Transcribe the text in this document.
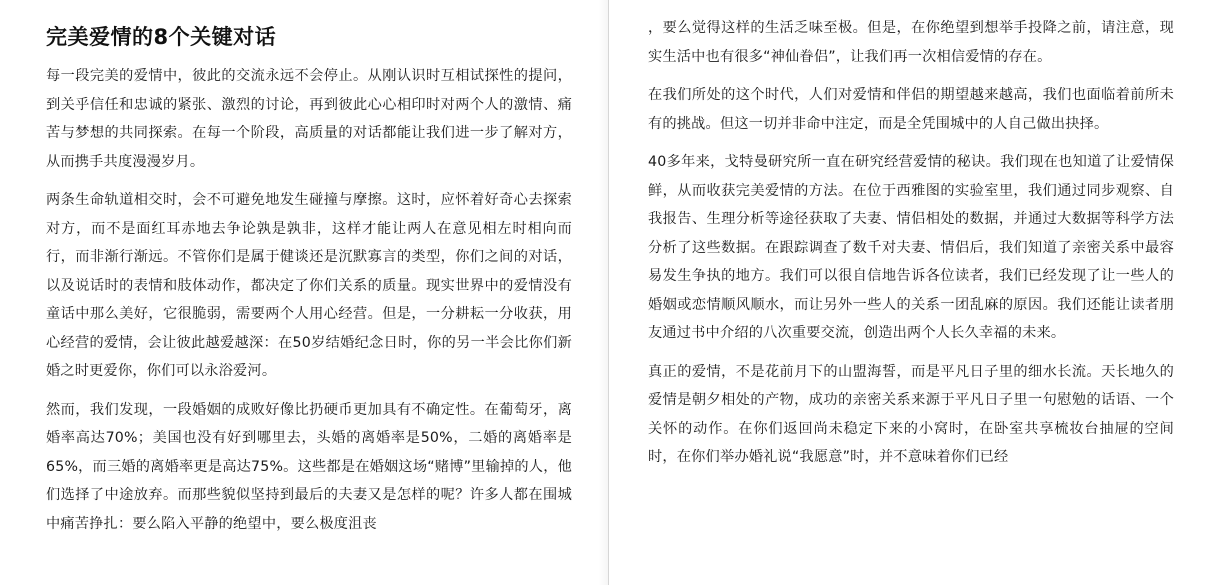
完美爱情的8个关键对话

每一段完美的爱情中，彼此的交流永远不会停止。从刚认识时互相试探性的提问，到关乎信任和忠诚的紧张、激烈的讨论，再到彼此心心相印时对两个人的激情、痛苦与梦想的共同探索。在每一个阶段，高质量的对话都能让我们进一步了解对方，从而携手共度漫漫岁月。

两条生命轨道相交时，会不可避免地发生碰撞与摩擦。这时，应怀着好奇心去探索对方，而不是面红耳赤地去争论孰是孰非，这样才能让两人在意见相左时相向而行，而非渐行渐远。不管你们是属于健谈还是沉默寡言的类型，你们之间的对话，以及说话时的表情和肢体动作，都决定了你们关系的质量。现实世界中的爱情没有童话中那么美好，它很脆弱，需要两个人用心经营。但是，一分耕耘一分收获，用心经营的爱情，会让彼此越爱越深：在50岁结婚纪念日时，你的另一半会比你们新婚之时更爱你，你们可以永浴爱河。

然而，我们发现，一段婚姻的成败好像比扔硬币更加具有不确定性。在葡萄牙，离婚率高达70%；美国也没有好到哪里去，头婚的离婚率是50%，二婚的离婚率是65%，而三婚的离婚率更是高达75%。这些都是在婚姻这场“赌博”里输掉的人，他们选择了中途放弃。而那些貌似坚持到最后的夫妻又是怎样的呢？许多人都在围城中痛苦挣扎：要么陷入平静的绝望中，要么极度沮丧

，要么觉得这样的生活乏味至极。但是，在你绝望到想举手投降之前，请注意，现实生活中也有很多“神仙眷侣”，让我们再一次相信爱情的存在。

在我们所处的这个时代，人们对爱情和伴侣的期望越来越高，我们也面临着前所未有的挑战。但这一切并非命中注定，而是全凭围城中的人自己做出抉择。

40多年来，戈特曼研究所一直在研究经营爱情的秘诀。我们现在也知道了让爱情保鲜，从而收获完美爱情的方法。在位于西雅图的实验室里，我们通过同步观察、自我报告、生理分析等途径获取了夫妻、情侣相处的数据，并通过大数据等科学方法分析了这些数据。在跟踪调查了数千对夫妻、情侣后，我们知道了亲密关系中最容易发生争执的地方。我们可以很自信地告诉各位读者，我们已经发现了让一些人的婚姻或恋情顺风顺水，而让另外一些人的关系一团乱麻的原因。我们还能让读者朋友通过书中介绍的八次重要交流，创造出两个人长久幸福的未来。

真正的爱情，不是花前月下的山盟海誓，而是平凡日子里的细水长流。天长地久的爱情是朝夕相处的产物，成功的亲密关系来源于平凡日子里一句慰勉的话语、一个关怀的动作。在你们返回尚未稳定下来的小窝时，在卧室共享梳妆台抽屉的空间时，在你们举办婚礼说“我愿意”时，并不意味着你们已经
